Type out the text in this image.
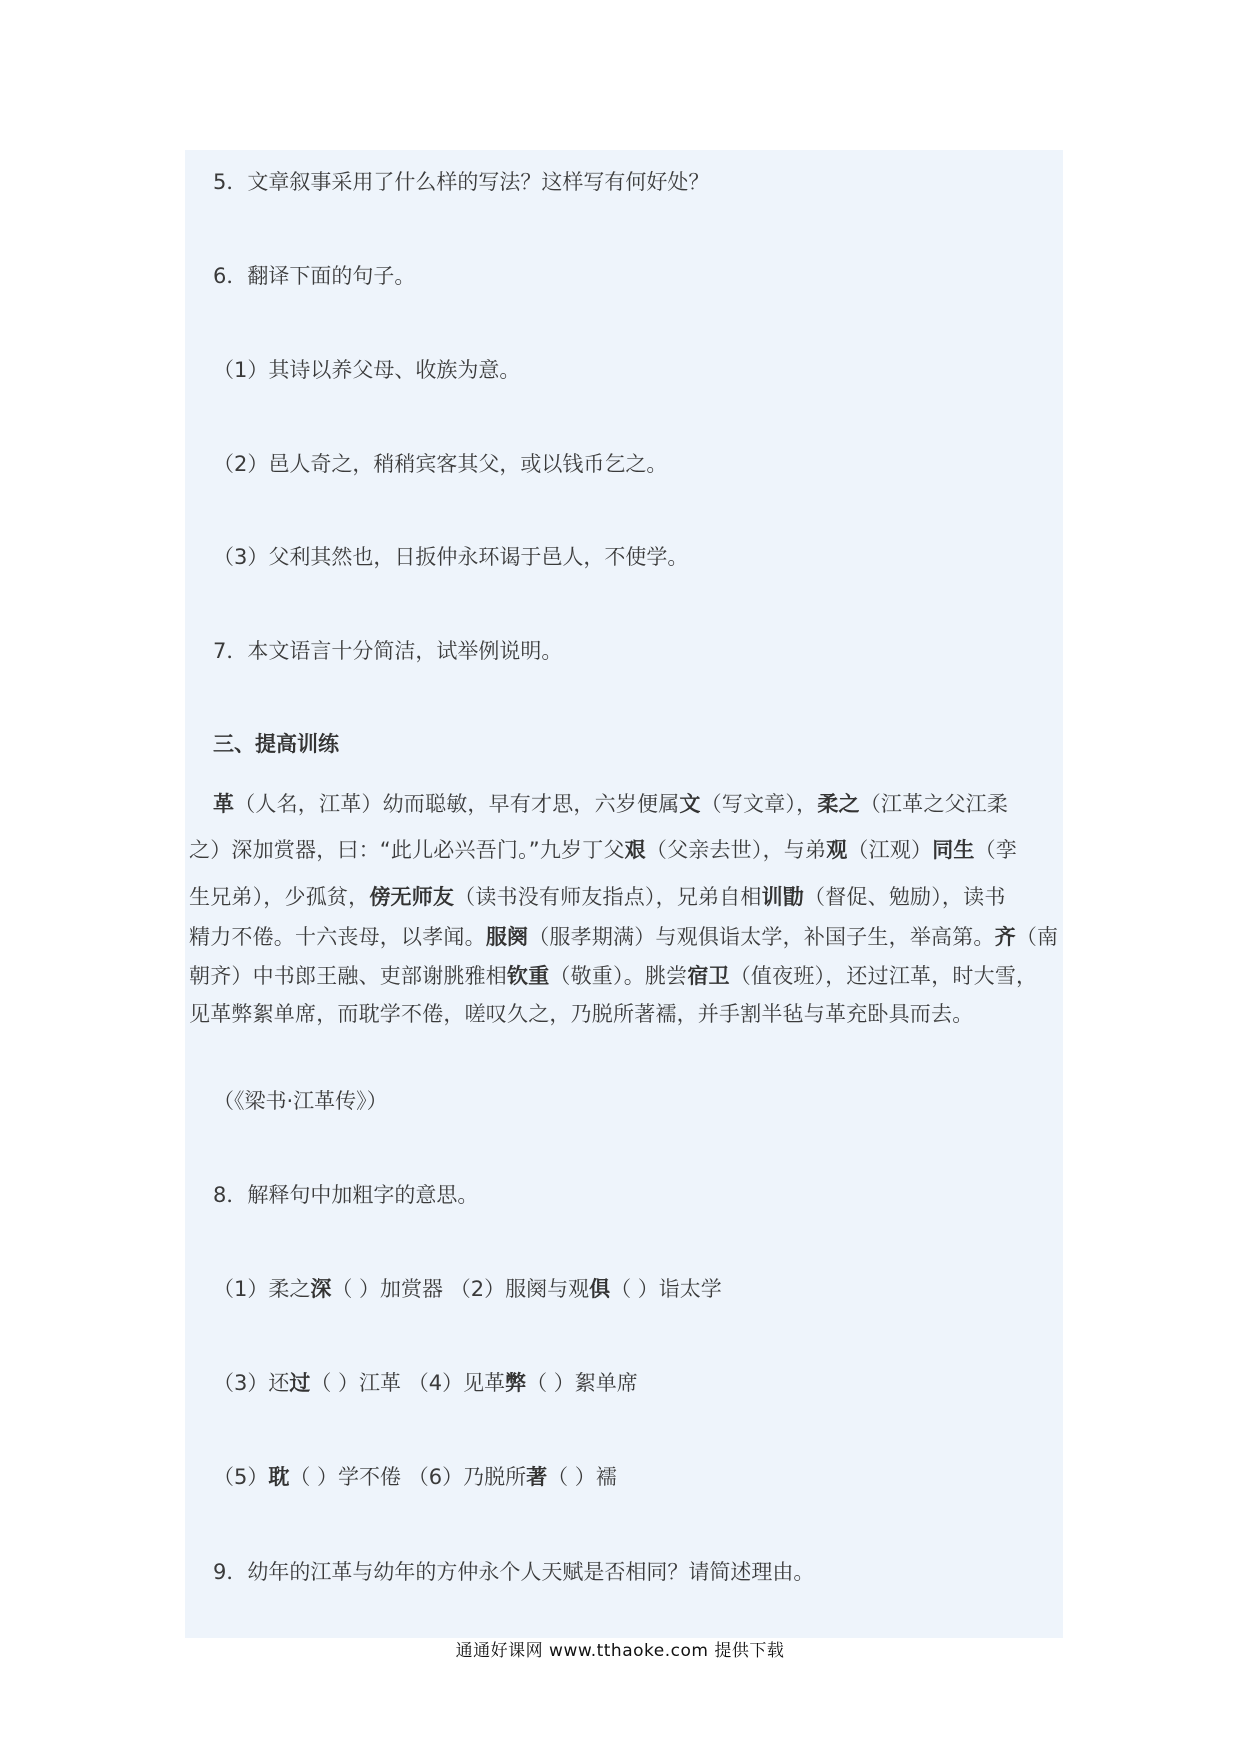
5．文章叙事采用了什么样的写法？这样写有何好处？
6．翻译下面的句子。
（1）其诗以养父母、收族为意。
（2）邑人奇之，稍稍宾客其父，或以钱币乞之。
（3）父利其然也，日扳仲永环谒于邑人，不使学。
7．本文语言十分简洁，试举例说明。
三、提高训练
革（人名，江革）幼而聪敏，早有才思，六岁便属文（写文章），柔之（江革之父江柔
之）深加赏器，曰：“此儿必兴吾门。”九岁丁父艰（父亲去世），与弟观（江观）同生（孪
生兄弟），少孤贫，傍无师友（读书没有师友指点），兄弟自相训勖（督促、勉励），读书
精力不倦。十六丧母，以孝闻。服阕（服孝期满）与观俱诣太学，补国子生，举高第。齐（南
朝齐）中书郎王融、吏部谢朓雅相钦重（敬重）。朓尝宿卫（值夜班），还过江革，时大雪，
见革弊絮单席，而耽学不倦，嗟叹久之，乃脱所著襦，并手割半毡与革充卧具而去。
（《梁书·江革传》）
8．解释句中加粗字的意思。
（1）柔之深（ ）加赏器 （2）服阕与观俱（ ）诣太学
（3）还过（ ）江革 （4）见革弊（ ）絮单席
（5）耽（ ）学不倦 （6）乃脱所著（ ）襦
9．幼年的江革与幼年的方仲永个人天赋是否相同？请简述理由。
通通好课网 www.tthaoke.com 提供下载
